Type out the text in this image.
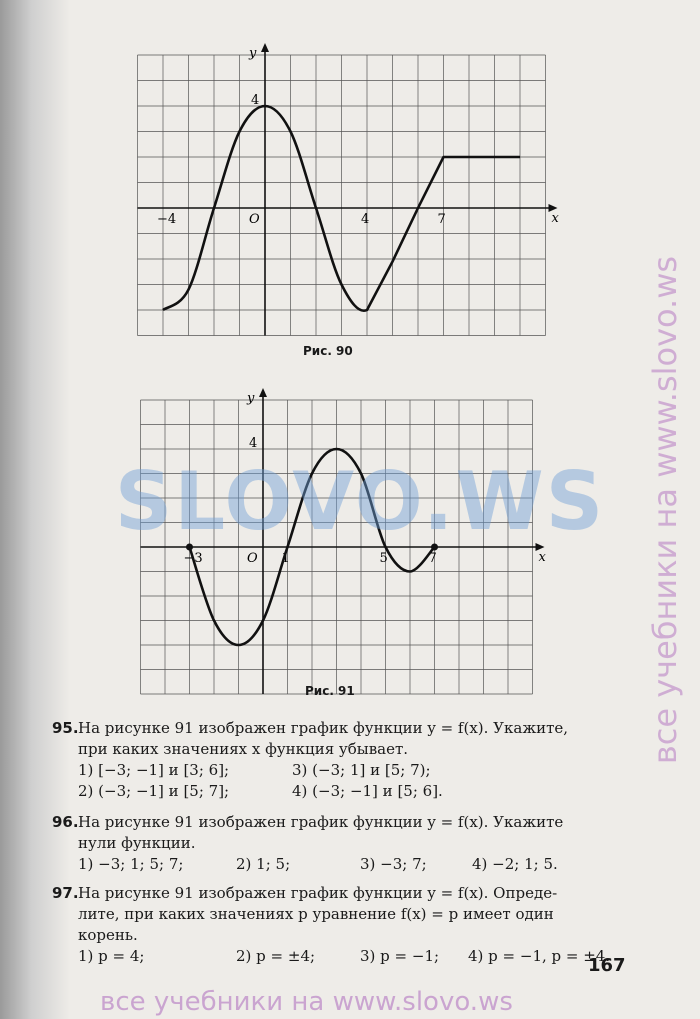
x
y
O
−4	4	7
4
Рис. 90
x
y
O
−3	1	5	7
4
Рис. 91
95. На рисунке 91 изображен график функции y = f(x). Укажите,
при каких значениях x функция убывает.
1) [−3; −1] и [3; 6];	3) (−3; 1] и [5; 7);
2) (−3; −1] и [5; 7];	4) (−3; −1] и [5; 6].
96. На рисунке 91 изображен график функции y = f(x). Укажите
нули функции.
1) −3; 1; 5; 7;	2) 1; 5;	3) −3; 7;	4) −2; 1; 5.
97. На рисунке 91 изображен график функции y = f(x). Опреде-
лите, при каких значениях p уравнение f(x) = p имеет один
корень.
1) p = 4;	2) p = ±4;	3) p = −1; 4) p = −1, p = ±4.
167
SLOVO.WS	все учебники на www.slovo.ws
все учебники на www.slovo.ws
